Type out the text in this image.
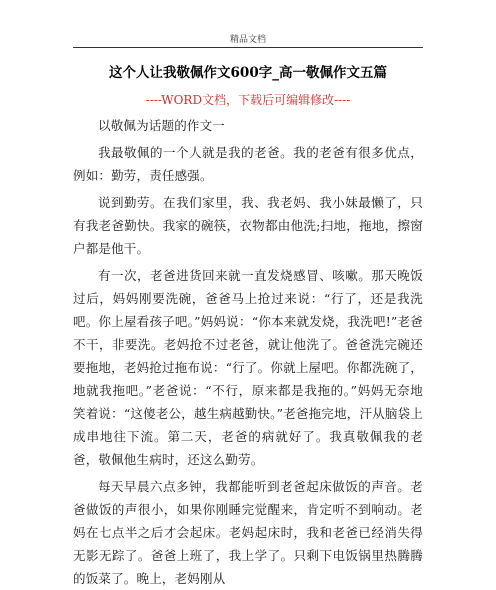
精品文档
这个人让我敬佩作文600字_高一敬佩作文五篇
----WORD文档，下载后可编辑修改----

以敬佩为话题的作文一

我最敬佩的一个人就是我的老爸。我的老爸有很多优点，例如：勤劳，责任感强。

说到勤劳。在我们家里，我、我老妈、我小妹最懒了，只有我老爸勤快。我家的碗筷，衣物都由他洗;扫地，拖地，擦窗户都是他干。

有一次，老爸进货回来就一直发烧感冒、咳嗽。那天晚饭过后，妈妈刚要洗碗，爸爸马上抢过来说：“行了，还是我洗吧。你上屋看孩子吧。”妈妈说：“你本来就发烧，我洗吧!”老爸不干，非要洗。老妈抢不过老爸，就让他洗了。爸爸洗完碗还要拖地，老妈抢过拖布说：“行了。你就上屋吧。你都洗碗了，地就我拖吧。”老爸说：“不行，原来都是我拖的。”妈妈无奈地笑着说：“这傻老公，越生病越勤快。”老爸拖完地，汗从脑袋上成串地往下流。第二天，老爸的病就好了。我真敬佩我的老爸，敬佩他生病时，还这么勤劳。

每天早晨六点多钟，我都能听到老爸起床做饭的声音。老爸做饭的声很小，如果你刚睡完觉醒来，肯定听不到响动。老妈在七点半之后才会起床。老妈起床时，我和老爸已经消失得无影无踪了。爸爸上班了，我上学了。只剩下电饭锅里热腾腾的饭菜了。晚上，老妈刚从
